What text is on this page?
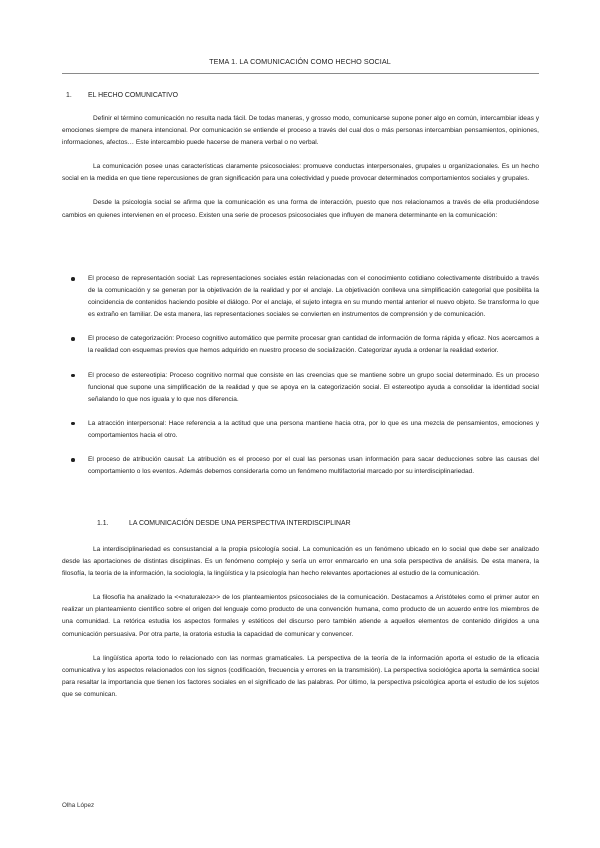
TEMA 1. LA COMUNICACIÓN COMO HECHO SOCIAL
1. EL HECHO COMUNICATIVO

Definir el término comunicación no resulta nada fácil. De todas maneras, y grosso modo, comunicarse supone poner algo en común, intercambiar ideas y emociones siempre de manera intencional. Por comunicación se entiende el proceso a través del cual dos o más personas intercambian pensamientos, opiniones, informaciones, afectos… Este intercambio puede hacerse de manera verbal o no verbal.

La comunicación posee unas características claramente psicosociales: promueve conductas interpersonales, grupales u organizacionales. Es un hecho social en la medida en que tiene repercusiones de gran significación para una colectividad y puede provocar determinados comportamientos sociales y grupales.

Desde la psicología social se afirma que la comunicación es una forma de interacción, puesto que nos relacionamos a través de ella produciéndose cambios en quienes intervienen en el proceso. Existen una serie de procesos psicosociales que influyen de manera determinante en la comunicación:

El proceso de representación social: Las representaciones sociales están relacionadas con el conocimiento cotidiano colectivamente distribuido a través de la comunicación y se generan por la objetivación de la realidad y por el anclaje. La objetivación conlleva una simplificación categorial que posibilita la coincidencia de contenidos haciendo posible el diálogo. Por el anclaje, el sujeto integra en su mundo mental anterior el nuevo objeto. Se transforma lo que es extraño en familiar. De esta manera, las representaciones sociales se convierten en instrumentos de comprensión y de comunicación.
El proceso de categorización: Proceso cognitivo automático que permite procesar gran cantidad de información de forma rápida y eficaz. Nos acercamos a la realidad con esquemas previos que hemos adquirido en nuestro proceso de socialización. Categorizar ayuda a ordenar la realidad exterior.
El proceso de estereotipia: Proceso cognitivo normal que consiste en las creencias que se mantiene sobre un grupo social determinado. Es un proceso funcional que supone una simplificación de la realidad y que se apoya en la categorización social. El estereotipo ayuda a consolidar la identidad social señalando lo que nos iguala y lo que nos diferencia.
La atracción interpersonal: Hace referencia a la actitud que una persona mantiene hacia otra, por lo que es una mezcla de pensamientos, emociones y comportamientos hacia el otro.
El proceso de atribución causal: La atribución es el proceso por el cual las personas usan información para sacar deducciones sobre las causas del comportamiento o los eventos. Además debemos considerarla como un fenómeno multifactorial marcado por su interdisciplinariedad.
1.1.	LA COMUNICACIÓN DESDE UNA PERSPECTIVA INTERDISCIPLINAR

La interdisciplinariedad es consustancial a la propia psicología social. La comunicación es un fenómeno ubicado en lo social que debe ser analizado desde las aportaciones de distintas disciplinas. Es un fenómeno complejo y sería un error enmarcarlo en una sola perspectiva de análisis. De esta manera, la filosofía, la teoría de la información, la sociología, la lingüística y la psicología han hecho relevantes aportaciones al estudio de la comunicación.

La filosofía ha analizado la <<naturaleza>> de los planteamientos psicosociales de la comunicación. Destacamos a Aristóteles como el primer autor en realizar un planteamiento científico sobre el origen del lenguaje como producto de una convención humana, como producto de un acuerdo entre los miembros de una comunidad. La retórica estudia los aspectos formales y estéticos del discurso pero también atiende a aquellos elementos de contenido dirigidos a una comunicación persuasiva. Por otra parte, la oratoria estudia la capacidad de comunicar y convencer.

La lingüística aporta todo lo relacionado con las normas gramaticales. La perspectiva de la teoría de la información aporta el estudio de la eficacia comunicativa y los aspectos relacionados con los signos (codificación, frecuencia y errores en la transmisión). La perspectiva sociológica aporta la semántica social para resaltar la importancia que tienen los factores sociales en el significado de las palabras. Por último, la perspectiva psicológica aporta el estudio de los sujetos que se comunican.

Olha López
